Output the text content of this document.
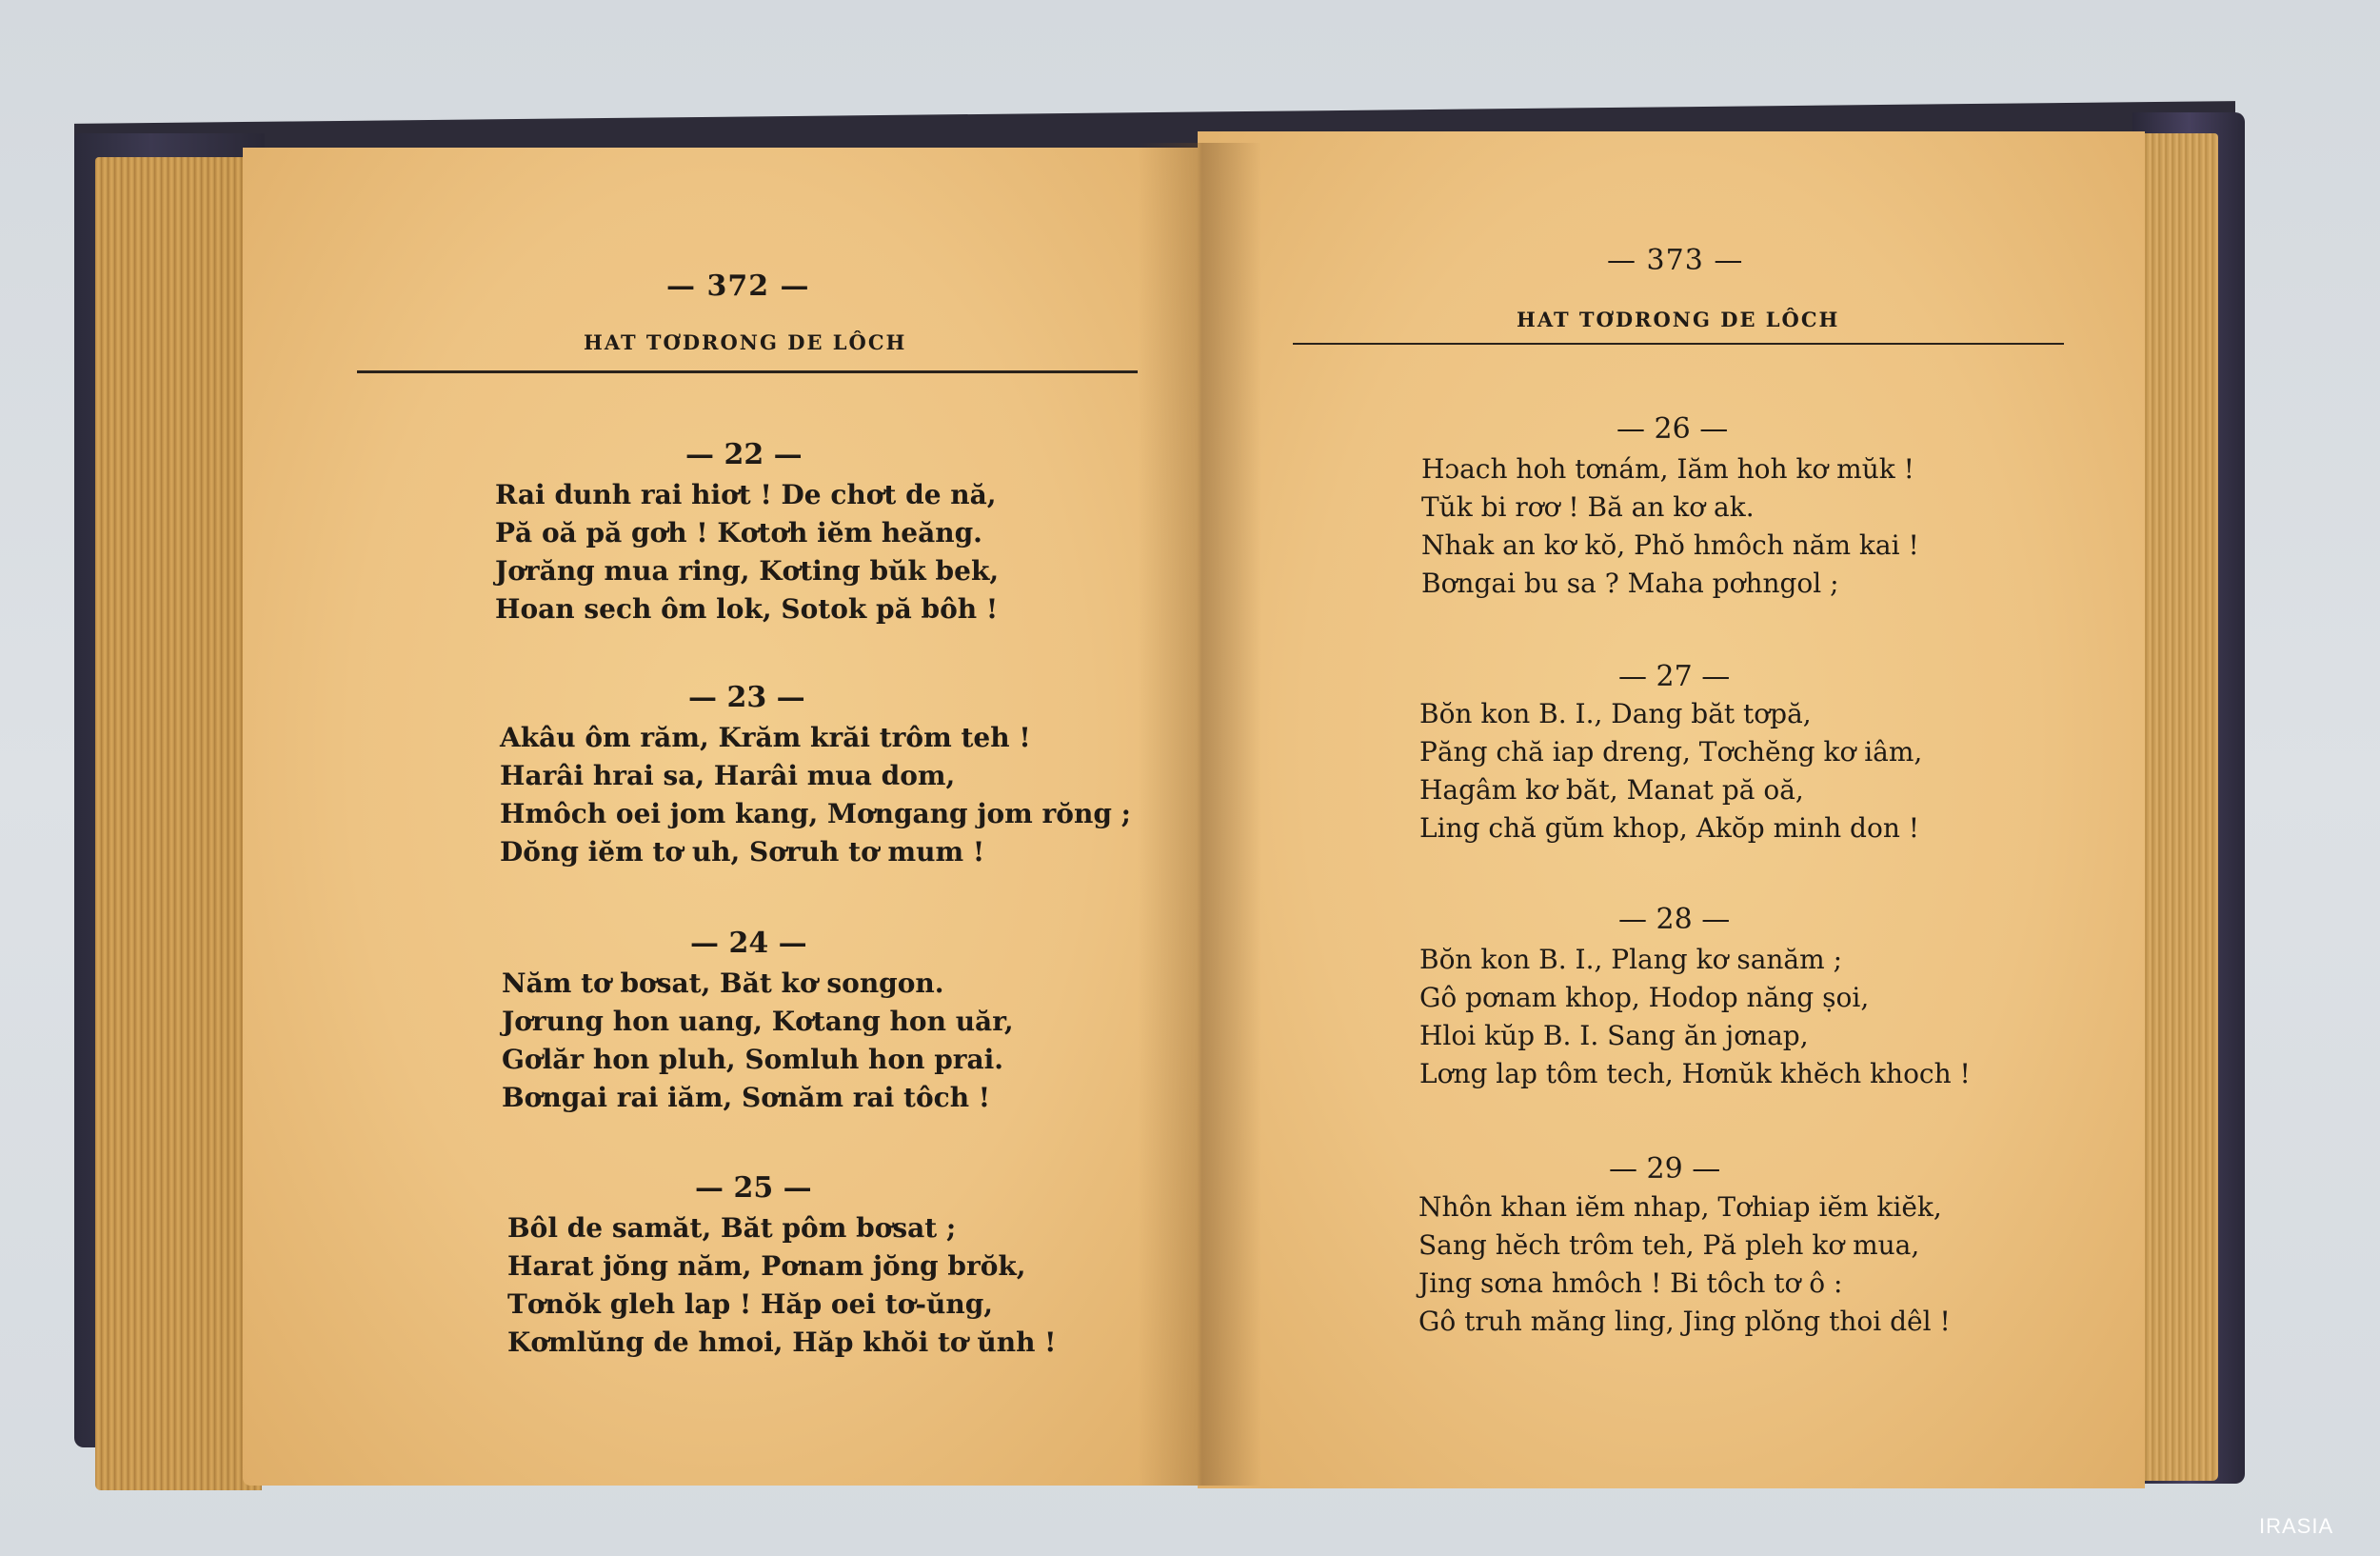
— 372 —
HAT TƠDRONG DE LÔCH
— 22 —
Rai dunh rai hiơt ! De chơt de nă,
Pă oă pă gơh ! Kơtơh iĕm heăng.
Jơrăng mua ring, Kơting bŭk bek,
Hoan sech ôm lok, Sotok pă bôh !
— 23 —
Akâu ôm răm, Krăm krăi trôm teh !
Harâi hrai sa, Harâi mua dom,
Hmôch oei jom kang, Mơngang jom rŏng ;
Dŏng iĕm tơ uh, Sơruh tơ mum !
— 24 —
Năm tơ bơsat, Băt kơ songon.
Jơrung hon uang, Kơtang hon uăr,
Gơlăr hon pluh, Somluh hon prai.
Bơngai rai iăm, Sơnăm rai tôch !
— 25 —
Bôl de samăt, Băt pôm bơsat ;
Harat jŏng năm, Pơnam jŏng brŏk,
Tơnŏk gleh lap ! Hăp oei tơ-ŭng,
Kơmlŭng de hmoi, Hăp khŏi tơ ŭnh !
— 373 —
HAT TƠDRONG DE LÔCH
— 26 —
Hɔach hoh tơnám, Iăm hoh kơ mŭk !
Tŭk bi rơơ ! Bă an kơ ak.
Nhak an kơ kŏ, Phŏ hmôch năm kai !
Bơngai bu sa ? Maha pơhngol ;
— 27 —
Bŏn kon B. I., Dang băt tơpă,
Păng chă iap dreng, Tơchĕng kơ iâm,
Hagâm kơ băt, Manat pă oă,
Ling chă gŭm khop, Akŏp minh don !
— 28 —
Bŏn kon B. I., Plang kơ sanăm ;
Gô pơnam khop, Hodop năng ṣoi,
Hloi kŭp B. I. Sang ăn jơnap,
Lơng lap tôm tech, Hơnŭk khĕch khoch !
— 29 —
Nhôn khan iĕm nhap, Tơhiap iĕm kiĕk,
Sang hĕch trôm teh, Pă pleh kơ mua,
Jing sơna hmôch ! Bi tôch tơ ô :
Gô truh măng ling, Jing plŏng thoi dêl !
IRASIA
